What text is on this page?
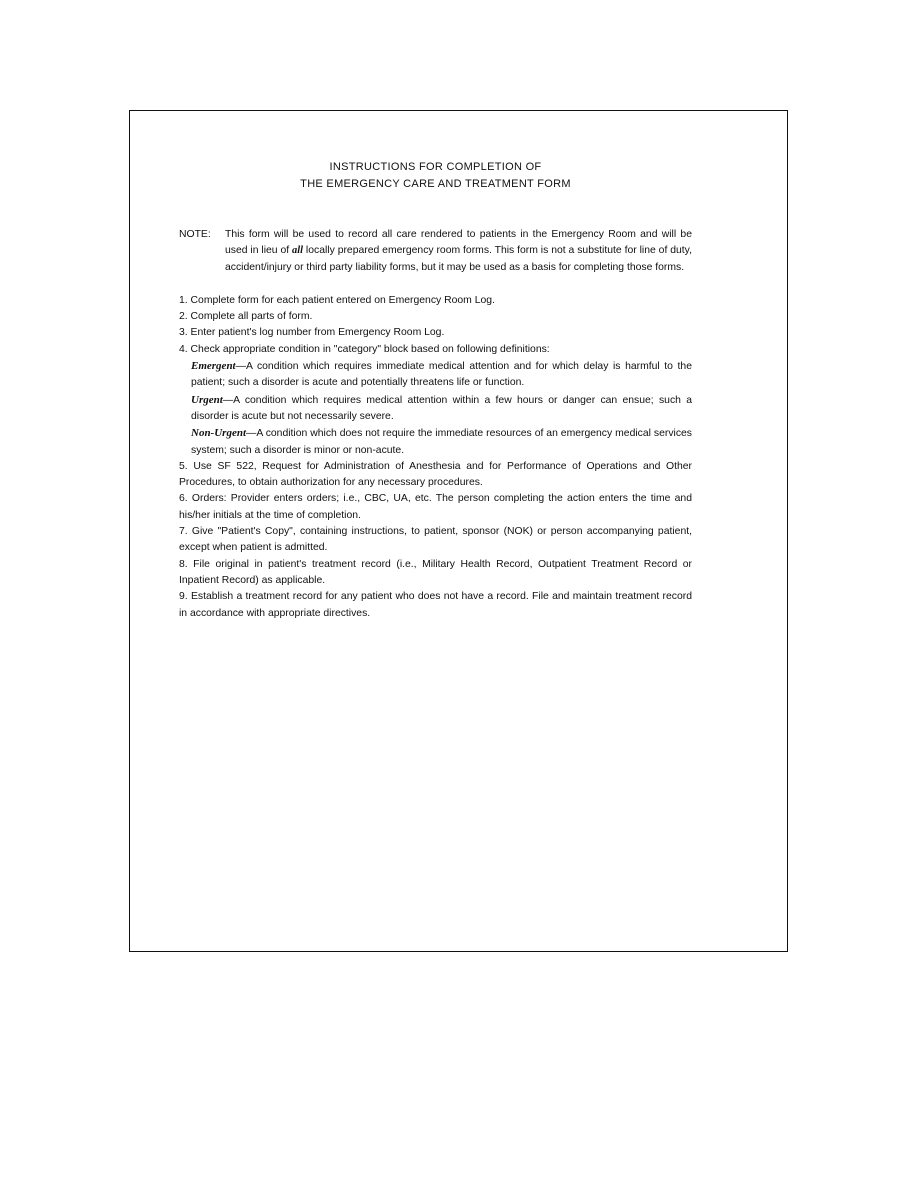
INSTRUCTIONS FOR COMPLETION OF
THE EMERGENCY CARE AND TREATMENT FORM
NOTE:	This form will be used to record all care rendered to patients in the Emergency Room and will be used in lieu of all locally prepared emergency room forms. This form is not a substitute for line of duty, accident/injury or third party liability forms, but it may be used as a basis for completing those forms.
1. Complete form for each patient entered on Emergency Room Log.
2. Complete all parts of form.
3. Enter patient's log number from Emergency Room Log.
4. Check appropriate condition in "category" block based on following definitions:
Emergent—A condition which requires immediate medical attention and for which delay is harmful to the patient; such a disorder is acute and potentially threatens life or function.
Urgent—A condition which requires medical attention within a few hours or danger can ensue; such a disorder is acute but not necessarily severe.
Non-Urgent—A condition which does not require the immediate resources of an emergency medical services system; such a disorder is minor or non-acute.
5. Use SF 522, Request for Administration of Anesthesia and for Performance of Operations and Other Procedures, to obtain authorization for any necessary procedures.
6. Orders: Provider enters orders; i.e., CBC, UA, etc. The person completing the action enters the time and his/her initials at the time of completion.
7. Give "Patient's Copy", containing instructions, to patient, sponsor (NOK) or person accompanying patient, except when patient is admitted.
8. File original in patient's treatment record (i.e., Military Health Record, Outpatient Treatment Record or Inpatient Record) as applicable.
9. Establish a treatment record for any patient who does not have a record. File and maintain treatment record in accordance with appropriate directives.
